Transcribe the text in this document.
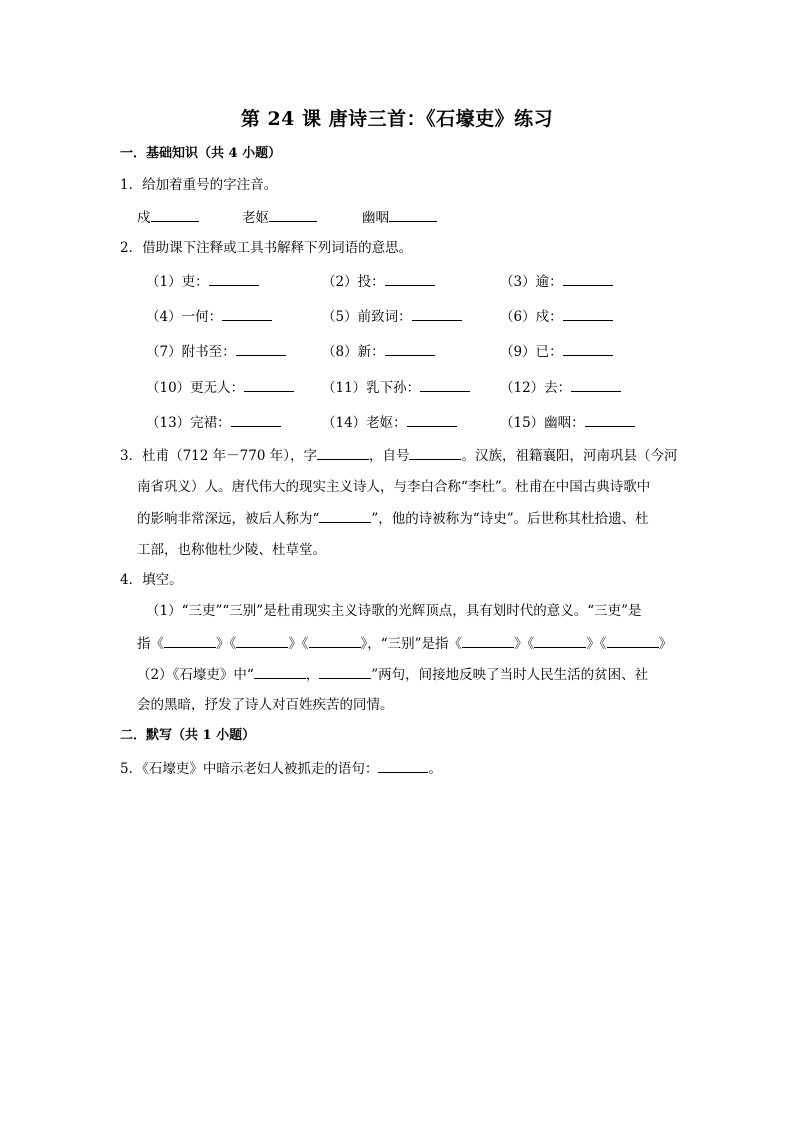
第 24 课 唐诗三首：《石壕吏》练习
一．基础知识（共 4 小题）
1．给加着重号的字注音。
戍	老妪	幽咽
2．借助课下注释或工具书解释下列词语的意思。
（1）吏：	（2）投：	（3）逾：
（4）一何：	（5）前致词：	（6）戍：
（7）附书至：	（8）新：	（9）已：
（10）更无人：	（11）乳下孙：	（12）去：
（13）完裙：	（14）老妪：	（15）幽咽：
3．杜甫（712 年－770 年），字	，自号	。汉族，祖籍襄阳，河南巩县（今河
南省巩义）人。唐代伟大的现实主义诗人，与李白合称“李杜”。杜甫在中国古典诗歌中
的影响非常深远，被后人称为“	”，他的诗被称为“诗史”。后世称其杜拾遗、杜
工部，也称他杜少陵、杜草堂。
4．填空。
（1）“三吏”“三别”是杜甫现实主义诗歌的光辉顶点，具有划时代的意义。“三吏”是
指《	》《	》《	》，“三别”是指《	》《	》《	》
（2）《石壕吏》中“	，	”两句，间接地反映了当时人民生活的贫困、社
会的黑暗，抒发了诗人对百姓疾苦的同情。
二．默写（共 1 小题）
5．《石壕吏》中暗示老妇人被抓走的语句：	。
